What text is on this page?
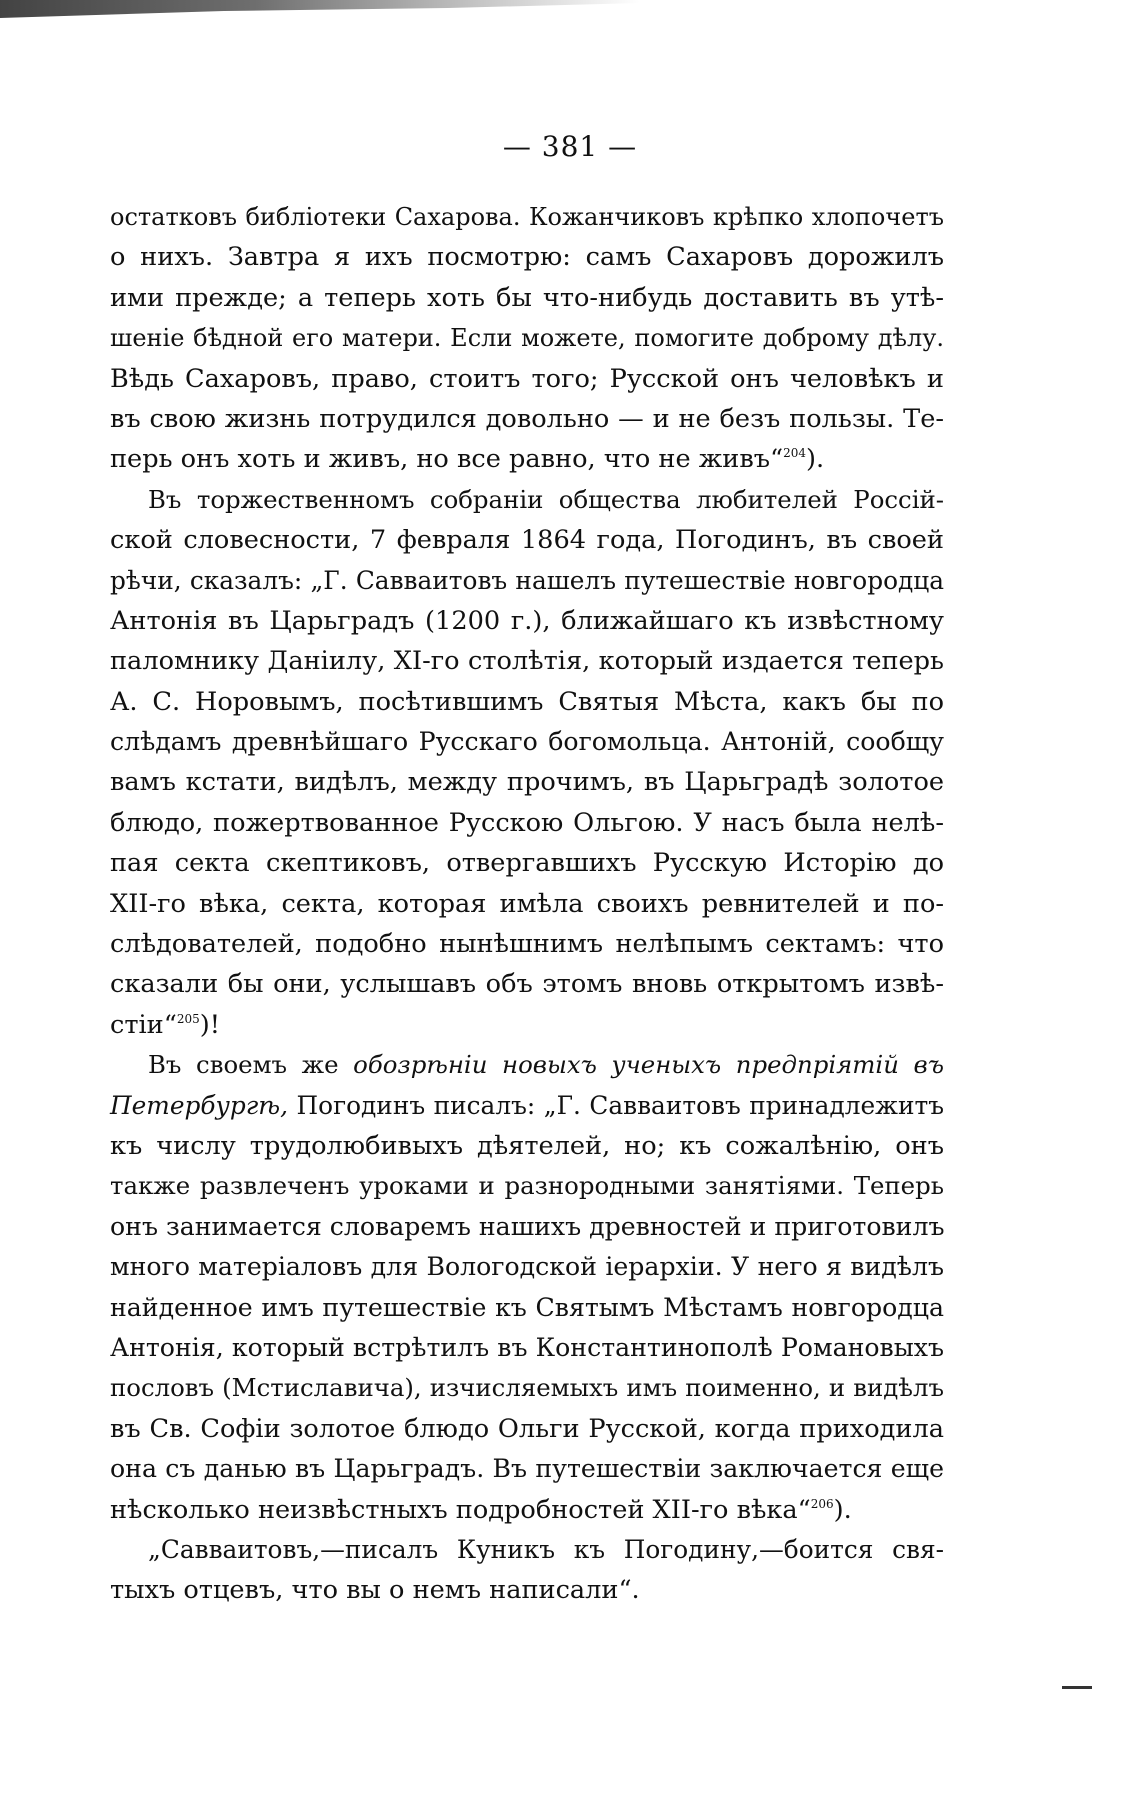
— 381 —
остатковъ библіотеки Сахарова. Кожанчиковъ крѣпко хлопочетъ
о нихъ. Завтра я ихъ посмотрю: самъ Сахаровъ дорожилъ
ими прежде; а теперь хоть бы что-нибудь доставить въ утѣ-
шеніе бѣдной его матери. Если можете, помогите доброму дѣлу.
Вѣдь Сахаровъ, право, стоитъ того; Русской онъ человѣкъ и
въ свою жизнь потрудился довольно — и не безъ пользы. Те-
перь онъ хоть и живъ, но все равно, что не живъ“$^{204}$).
Въ торжественномъ собраніи общества любителей Россій-
ской словесности, 7 февраля 1864 года, Погодинъ, въ своей
рѣчи, сказалъ: „Г. Савваитовъ нашелъ путешествіе новгородца
Антонія въ Царьградъ (1200 г.), ближайшаго къ извѣстному
паломнику Даніилу, XI-го столѣтія, который издается теперь
А. С. Норовымъ, посѣтившимъ Святыя Мѣста, какъ бы по
слѣдамъ древнѣйшаго Русскаго богомольца. Антоній, сообщу
вамъ кстати, видѣлъ, между прочимъ, въ Царьградѣ золотое
блюдо, пожертвованное Русскою Ольгою. У насъ была нелѣ-
пая секта скептиковъ, отвергавшихъ Русскую Исторію до
XII-го вѣка, секта, которая имѣла своихъ ревнителей и по-
слѣдователей, подобно нынѣшнимъ нелѣпымъ сектамъ: что
сказали бы они, услышавъ объ этомъ вновь открытомъ извѣ-
стіи“$^{205}$)!
Въ своемъ же обозрѣніи новыхъ ученыхъ предпріятій въ
Петербургѣ, Погодинъ писалъ: „Г. Савваитовъ принадлежитъ
къ числу трудолюбивыхъ дѣятелей, но; къ сожалѣнію, онъ
также развлеченъ уроками и разнородными занятіями. Теперь
онъ занимается словаремъ нашихъ древностей и приготовилъ
много матеріаловъ для Вологодской іерархіи. У него я видѣлъ
найденное имъ путешествіе къ Святымъ Мѣстамъ новгородца
Антонія, который встрѣтилъ въ Константинополѣ Романовыхъ
пословъ (Мстиславича), изчисляемыхъ имъ поименно, и видѣлъ
въ Св. Софіи золотое блюдо Ольги Русской, когда приходила
она съ данью въ Царьградъ. Въ путешествіи заключается еще
нѣсколько неизвѣстныхъ подробностей XII-го вѣка“$^{206}$).
„Савваитовъ,—писалъ Куникъ къ Погодину,—боится свя-
тыхъ отцевъ, что вы о немъ написали“.
